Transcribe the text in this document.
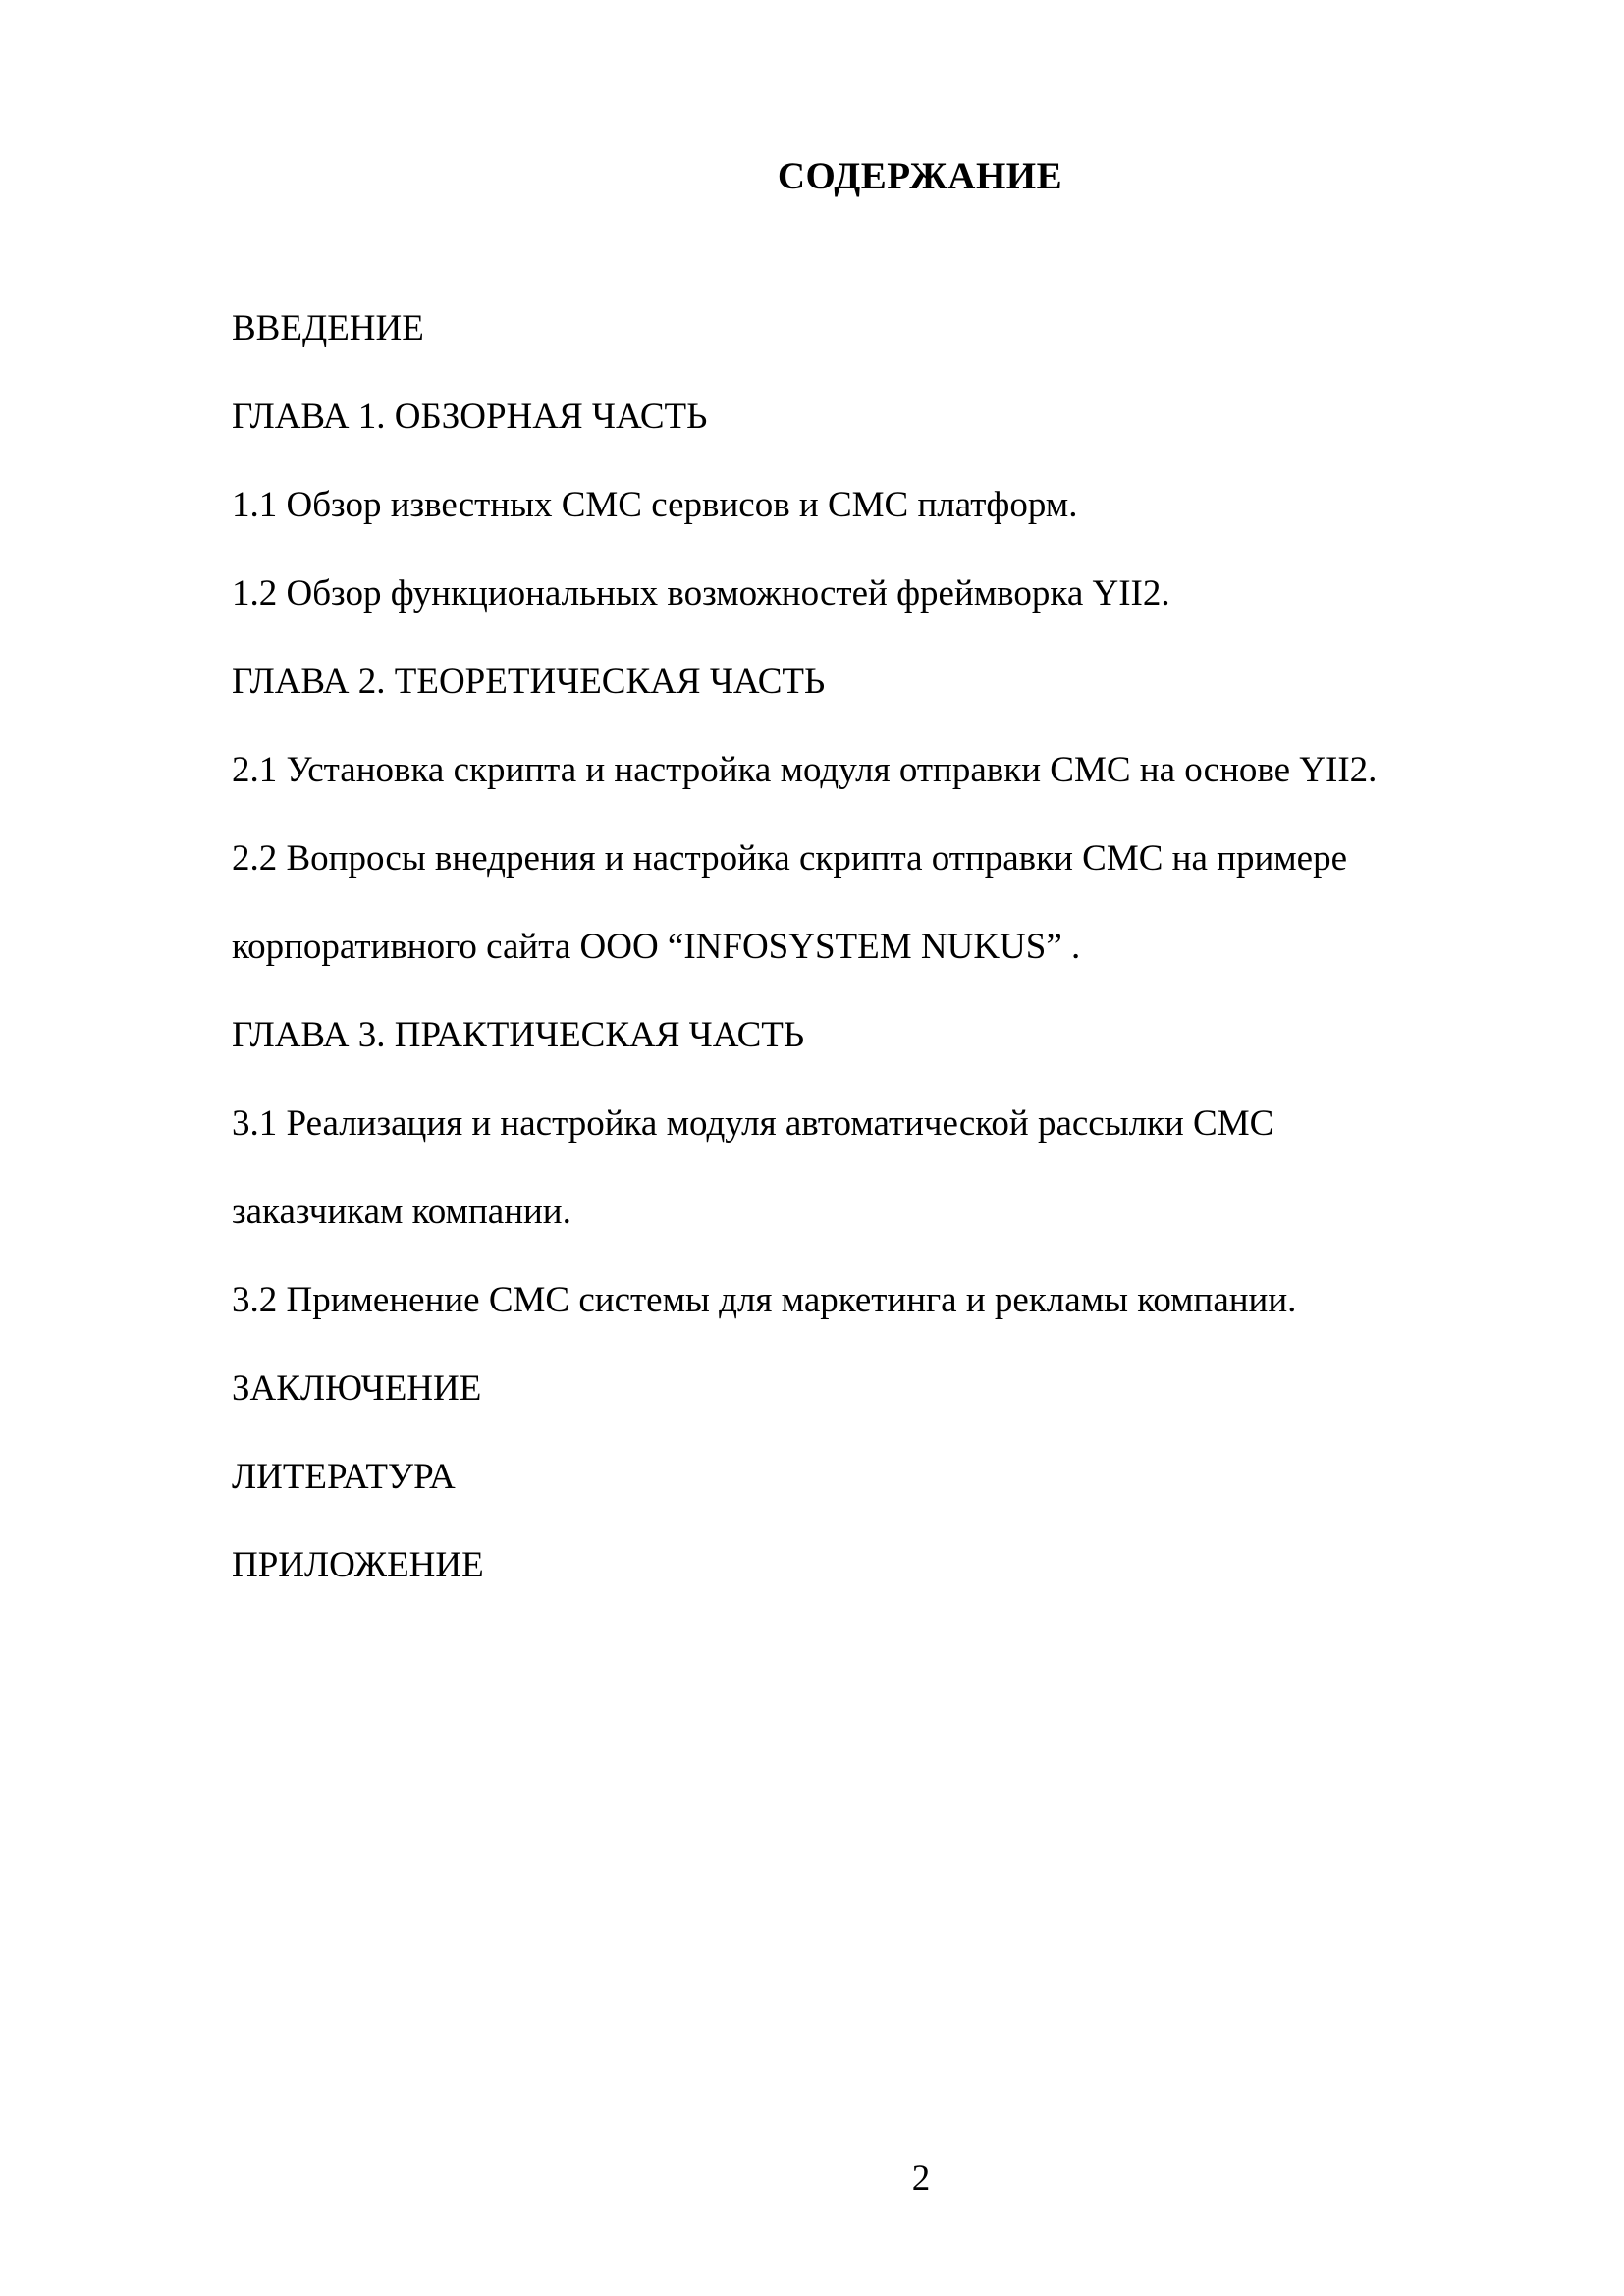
СОДЕРЖАНИЕ
ВВЕДЕНИЕ
ГЛАВА 1. ОБЗОРНАЯ ЧАСТЬ
1.1 Обзор известных СМС сервисов и СМС платформ.
1.2 Обзор функциональных возможностей фреймворка YII2.
ГЛАВА 2. ТЕОРЕТИЧЕСКАЯ ЧАСТЬ
2.1 Установка скрипта и настройка модуля отправки СМС на основе YII2.
2.2 Вопросы внедрения и настройка скрипта отправки СМС на примере
корпоративного сайта ООО “INFOSYSTEM NUKUS” .
ГЛАВА 3. ПРАКТИЧЕСКАЯ ЧАСТЬ
3.1 Реализация и настройка модуля автоматической рассылки СМС
заказчикам компании.
3.2 Применение СМС системы для маркетинга и рекламы компании.
ЗАКЛЮЧЕНИЕ
ЛИТЕРАТУРА
ПРИЛОЖЕНИЕ
2
